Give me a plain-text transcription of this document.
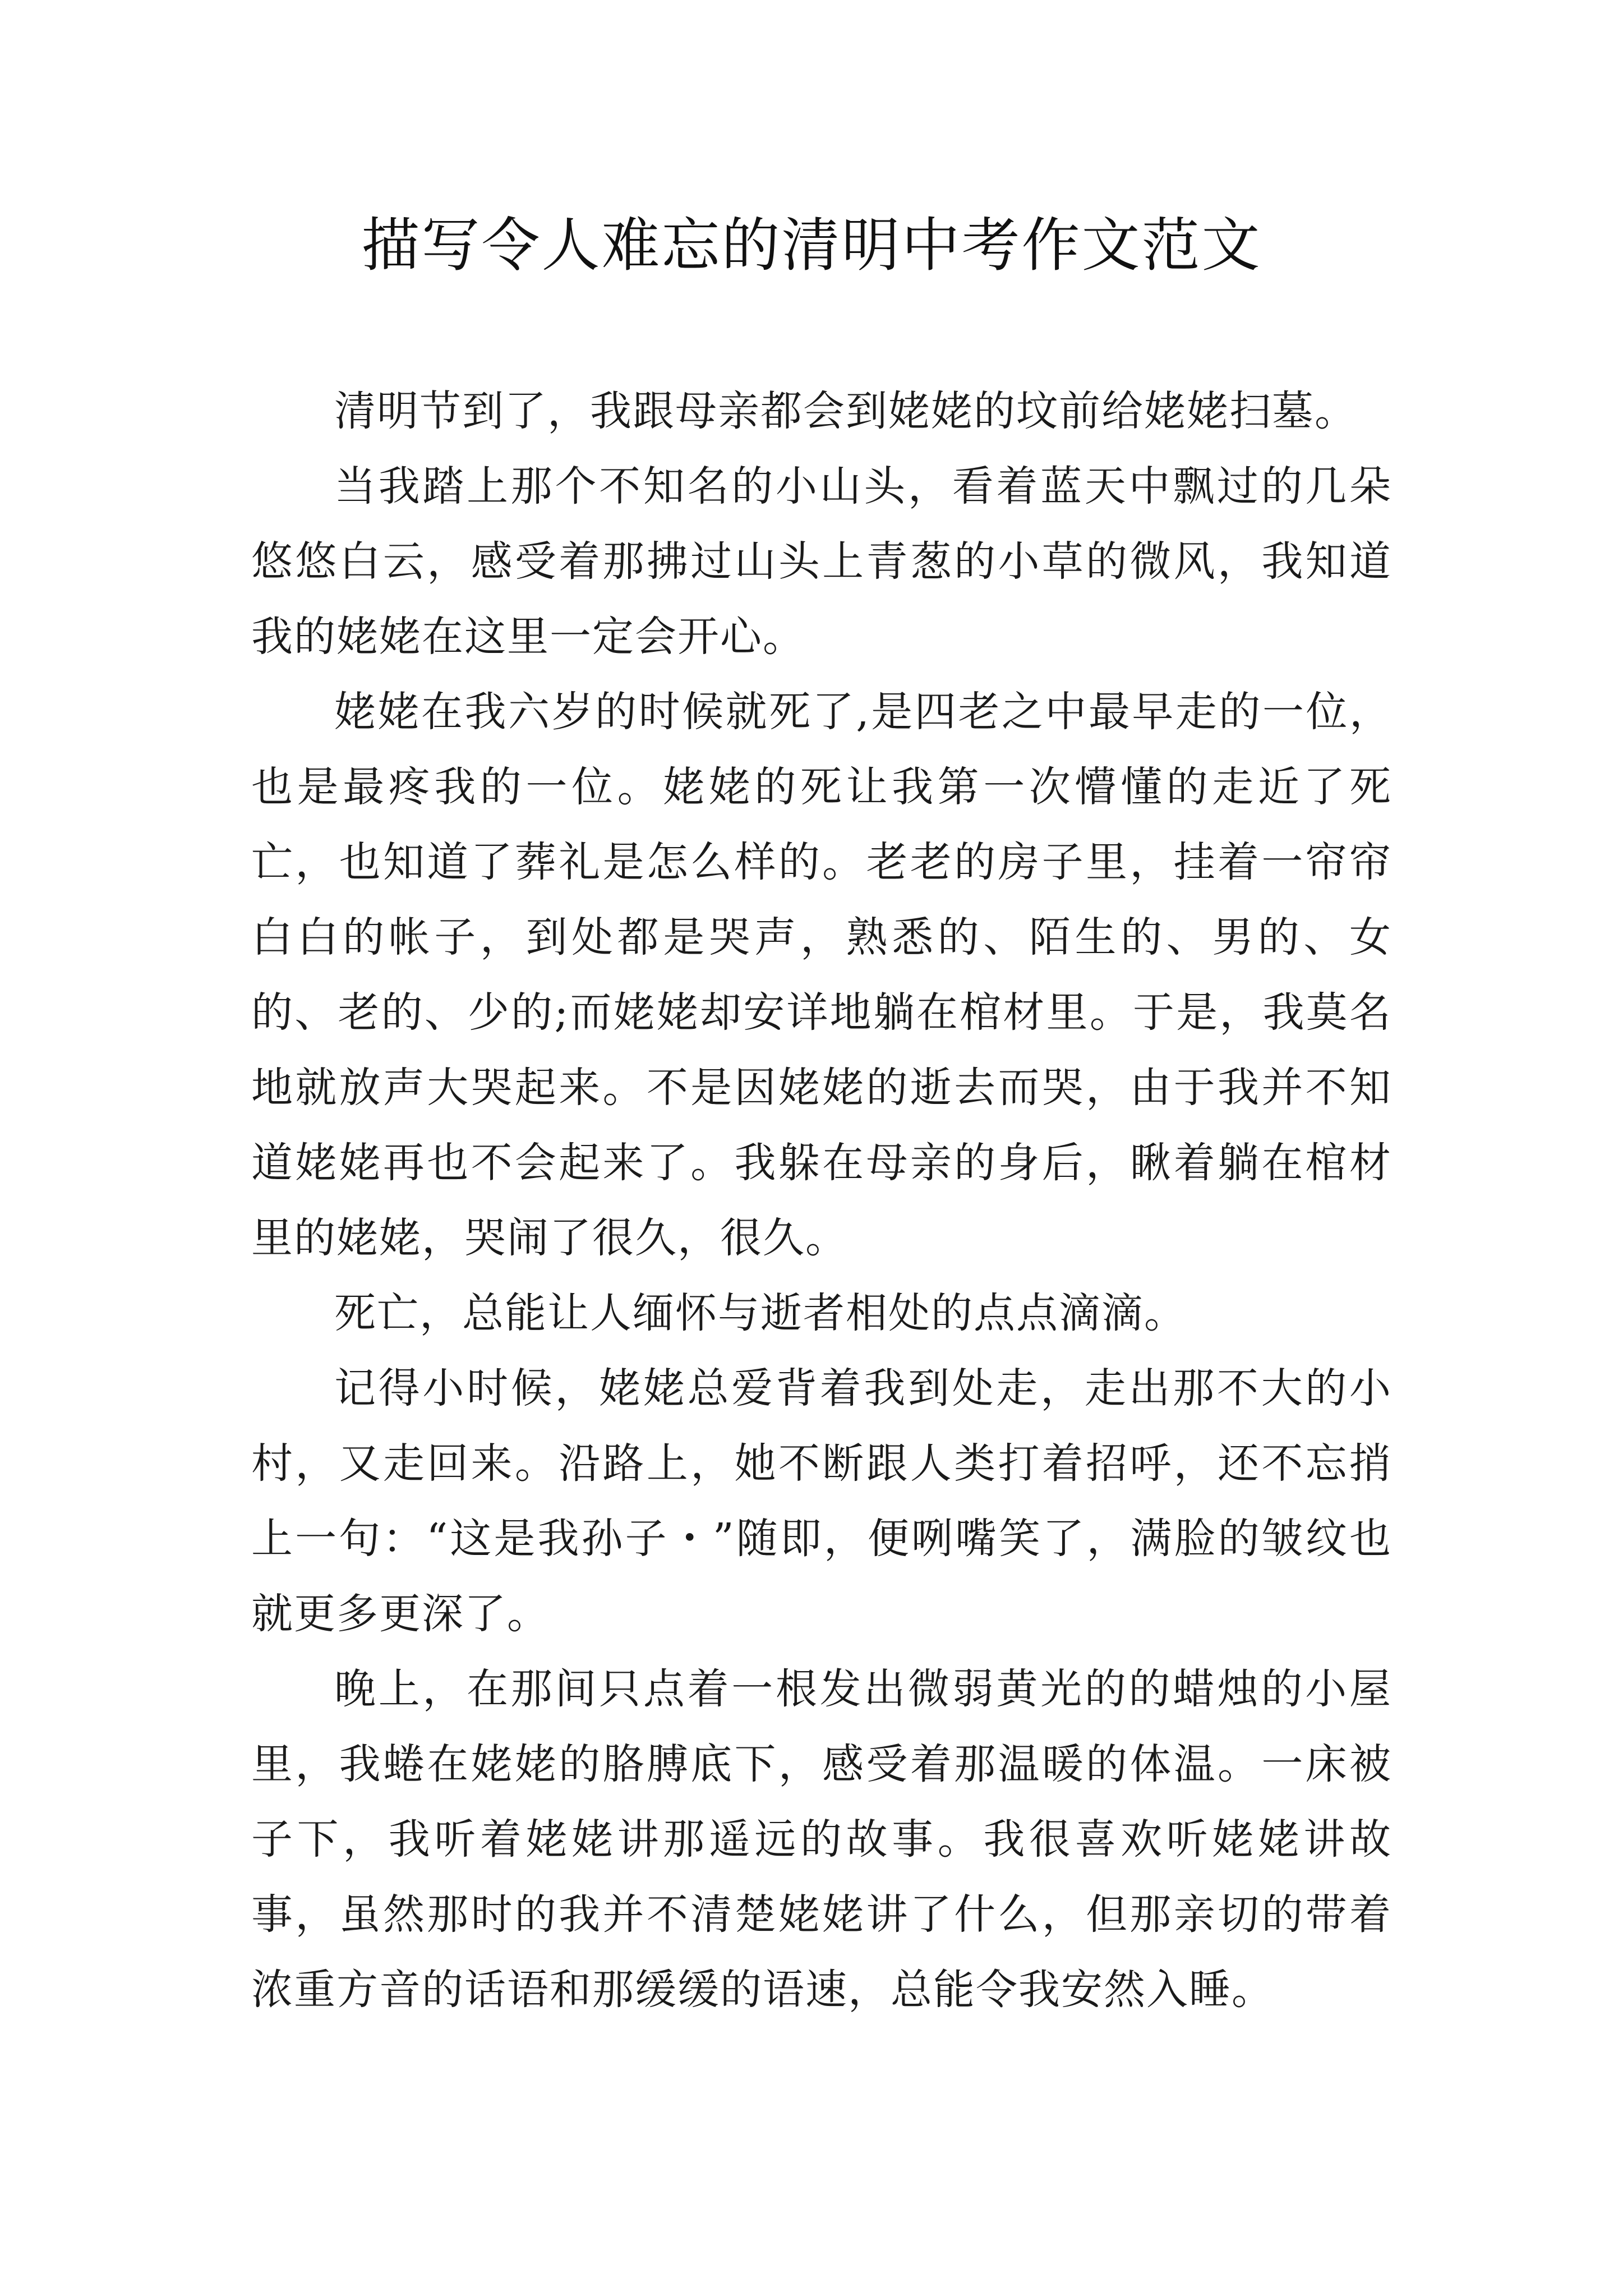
描写令人难忘的清明中考作文范文

清明节到了，我跟母亲都会到姥姥的坟前给姥姥扫墓。

当我踏上那个不知名的小山头，看着蓝天中飘过的几朵悠悠白云，感受着那拂过山头上青葱的小草的微风，我知道我的姥姥在这里一定会开心。

姥姥在我六岁的时候就死了,是四老之中最早走的一位，也是最疼我的一位。姥姥的死让我第一次懵懂的走近了死亡，也知道了葬礼是怎么样的。老老的房子里，挂着一帘帘白白的帐子，到处都是哭声，熟悉的、陌生的、男的、女的、老的、少的;而姥姥却安详地躺在棺材里。于是，我莫名地就放声大哭起来。不是因姥姥的逝去而哭，由于我并不知道姥姥再也不会起来了。我躲在母亲的身后，瞅着躺在棺材里的姥姥，哭闹了很久，很久。

死亡，总能让人缅怀与逝者相处的点点滴滴。

记得小时候，姥姥总爱背着我到处走，走出那不大的小村，又走回来。沿路上，她不断跟人类打着招呼，还不忘捎上一句：“这是我孙子・”随即，便咧嘴笑了，满脸的皱纹也就更多更深了。

晚上，在那间只点着一根发出微弱黄光的的蜡烛的小屋里，我蜷在姥姥的胳膊底下，感受着那温暖的体温。一床被子下，我听着姥姥讲那遥远的故事。我很喜欢听姥姥讲故事，虽然那时的我并不清楚姥姥讲了什么，但那亲切的带着浓重方音的话语和那缓缓的语速，总能令我安然入睡。
